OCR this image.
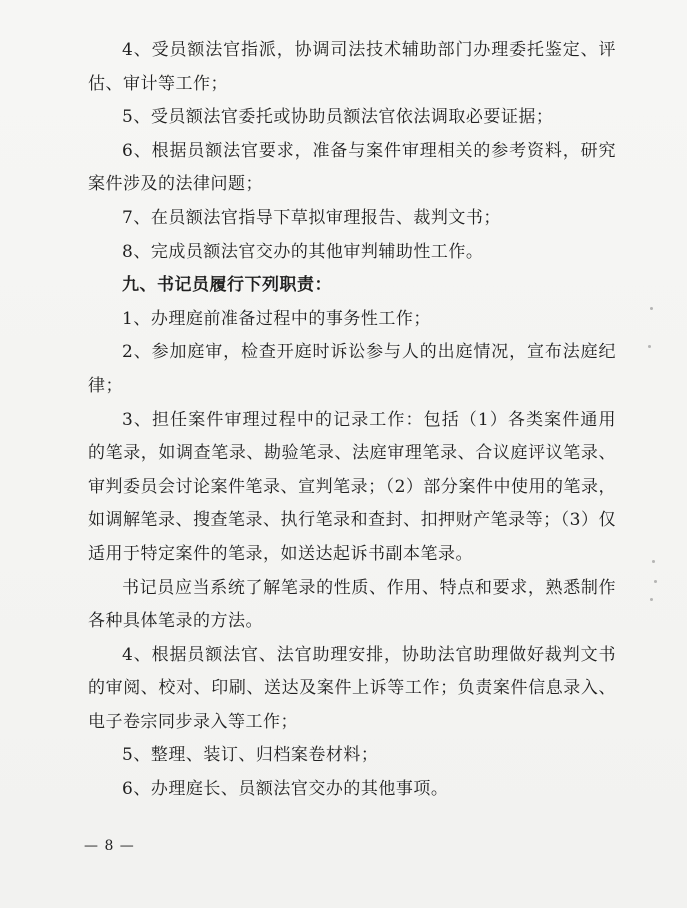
4、受员额法官指派，协调司法技术辅助部门办理委托鉴定、评估、审计等工作；

5、受员额法官委托或协助员额法官依法调取必要证据；

6、根据员额法官要求，准备与案件审理相关的参考资料，研究案件涉及的法律问题；

7、在员额法官指导下草拟审理报告、裁判文书；

8、完成员额法官交办的其他审判辅助性工作。

九、书记员履行下列职责：

1、办理庭前准备过程中的事务性工作；

2、参加庭审，检查开庭时诉讼参与人的出庭情况，宣布法庭纪律；

3、担任案件审理过程中的记录工作：包括（1）各类案件通用的笔录，如调查笔录、勘验笔录、法庭审理笔录、合议庭评议笔录、审判委员会讨论案件笔录、宣判笔录；（2）部分案件中使用的笔录，如调解笔录、搜查笔录、执行笔录和查封、扣押财产笔录等；（3）仅适用于特定案件的笔录，如送达起诉书副本笔录。

书记员应当系统了解笔录的性质、作用、特点和要求，熟悉制作各种具体笔录的方法。

4、根据员额法官、法官助理安排，协助法官助理做好裁判文书的审阅、校对、印刷、送达及案件上诉等工作；负责案件信息录入、电子卷宗同步录入等工作；

5、整理、装订、归档案卷材料；

6、办理庭长、员额法官交办的其他事项。

— 8 —
